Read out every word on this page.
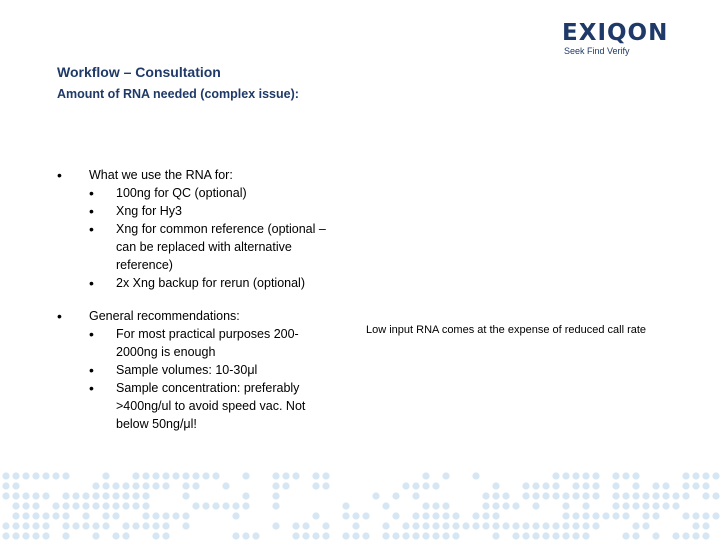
EXIQON
Seek Find Verify
Workflow – Consultation
Amount of RNA needed (complex issue):
• What we use the RNA for:
• 100ng for QC (optional)
• Xng for Hy3
• Xng for common reference (optional – can be replaced with alternative reference)
• 2x Xng backup for rerun (optional)
• General recommendations:
• For most practical purposes 200-2000ng is enough
• Sample volumes: 10-30μl
• Sample concentration: preferably >400ng/ul to avoid speed vac. Not below 50ng/μl!
Low input RNA comes at the expense of reduced call rate
